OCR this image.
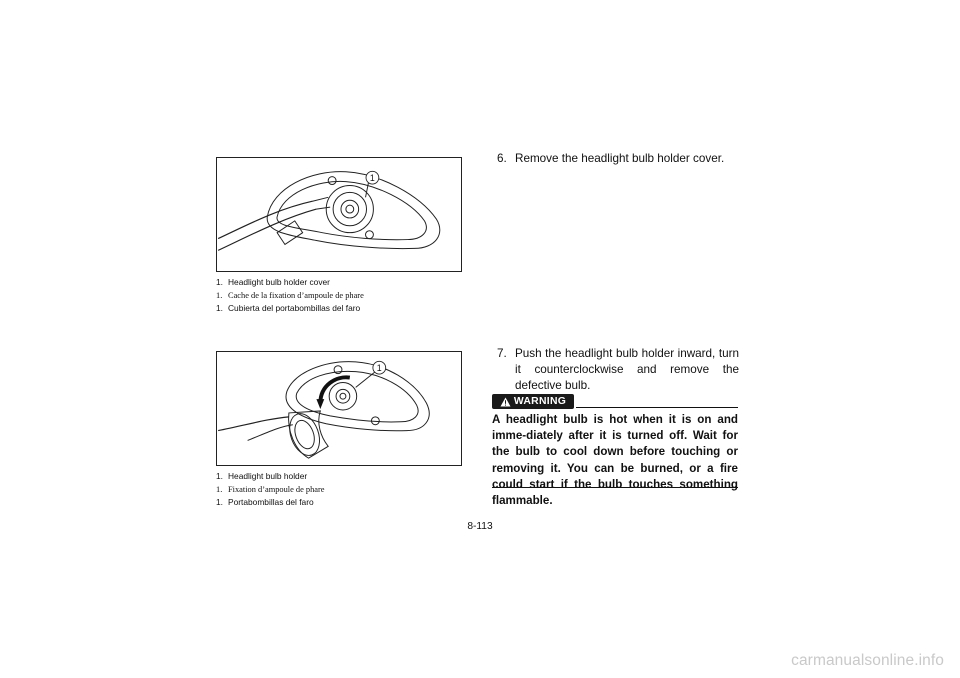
1
1. Headlight bulb holder cover
1. Cache de la fixation d’ampoule de phare
1. Cubierta del portabombillas del faro
1
1. Headlight bulb holder
1. Fixation d’ampoule de phare
1. Portabombillas del faro
6. Remove the headlight bulb holder cover.
7. Push the headlight bulb holder inward, turn it counterclockwise and remove the defective bulb.
WARNING
A headlight bulb is hot when it is on and imme-diately after it is turned off. Wait for the bulb to cool down before touching or removing it. You can be burned, or a fire could start if the bulb touches something flammable.
8-113
carmanualsonline.info
